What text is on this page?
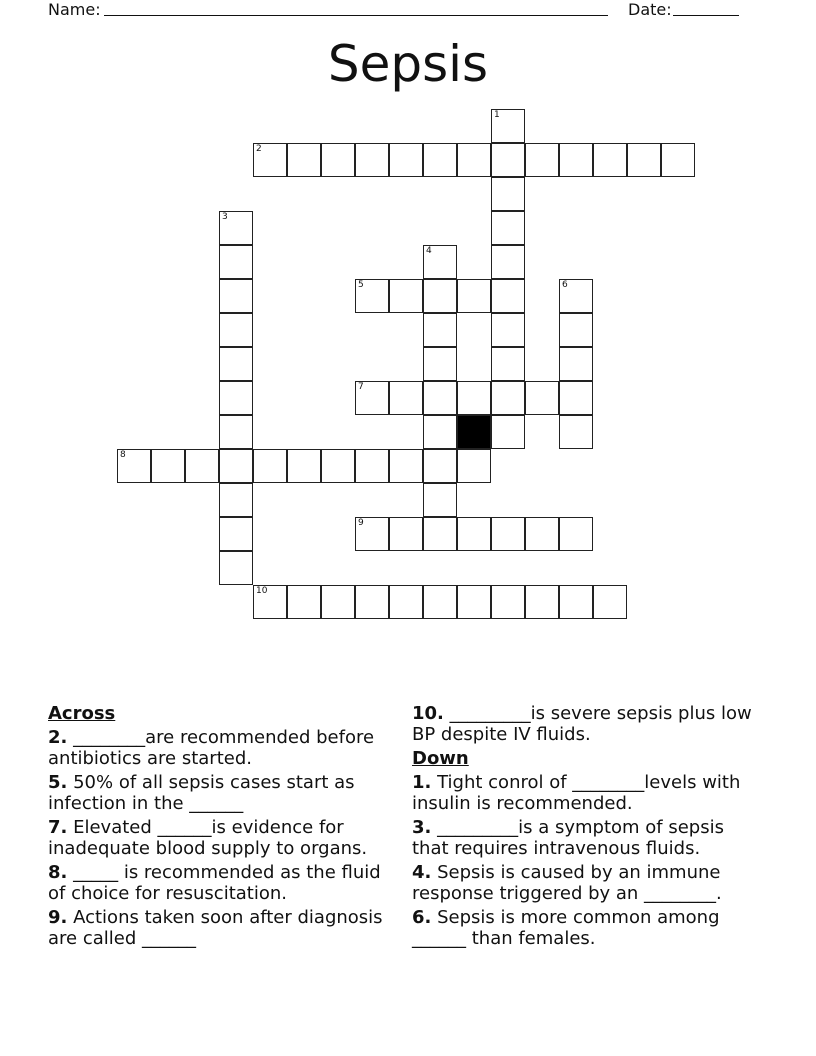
Name:	Date:
Sepsis
2
5
7
8
9
10
1
3
4
6
Across
2. ________are recommended before antibiotics are started.
5. 50% of all sepsis cases start as infection in the ______
7. Elevated ______is evidence for inadequate blood supply to organs.
8. _____ is recommended as the fluid of choice for resuscitation.
9. Actions taken soon after diagnosis are called ______
10. _________is severe sepsis plus low BP despite IV fluids.
Down
1. Tight conrol of ________levels with insulin is recommended.
3. _________is a symptom of sepsis that requires intravenous fluids.
4. Sepsis is caused by an immune response triggered by an ________.
6. Sepsis is more common among ______ than females.
